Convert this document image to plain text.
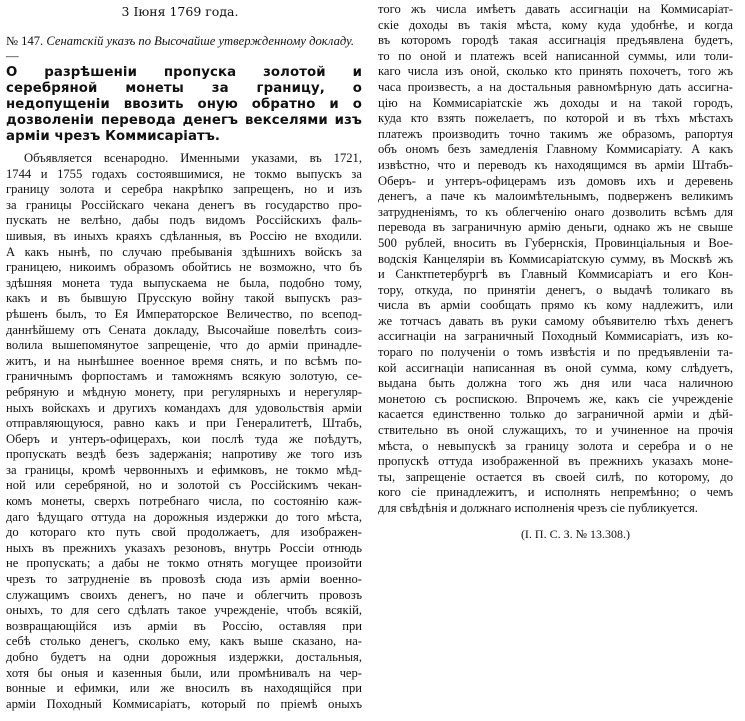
3 Iюня 1769 года.

№ 147. Сенатскій указъ по Высочайше утвержденному докладу.—

О разрѣшеніи пропуска золотой и серебряной монеты за границу, о недопущеніи ввозить оную обратно и о дозволеніи перевода денегъ векселями изъ арміи чрезъ Коммисаріатъ.
Объявляется всенародно. Именными указами, въ 1721,
1744 и 1755 годахъ состоявшимися, не токмо выпускъ за
границу золота и серебра накрѣпко запрещенъ, но и изъ
за границы Россійскаго чекана денегъ въ государство про-
пускать не велѣно, дабы подъ видомъ Россійскихъ фаль-
шивыя, въ иныхъ краяхъ сдѣланныя, въ Россію не входили.
А какъ нынѣ, по случаю пребыванія здѣшнихъ войскъ за
границею, никоимъ образомъ обойтись не возможно, что бъ
здѣшняя монета туда выпускаема не была, подобно тому,
какъ и въ бывшую Прусскую войну такой выпускъ раз-
рѣшенъ былъ, то Ея Императорское Величество, по всепод-
даннѣйшему отъ Сената докладу, Высочайше повелѣть соиз-
волила вышепомянутое запрещеніе, что до арміи принадле-
житъ, и на нынѣшнее военное время снять, и по всѣмъ по-
граничнымъ форпостамъ и таможнямъ всякую золотую, се-
ребряную и мѣдную монету, при регулярныхъ и нерегуляр-
ныхъ войскахъ и другихъ командахъ для удовольствія арміи
отправляющуюся, равно какъ и при Генералитетѣ, Штабъ,
Оберъ и унтеръ-офицерахъ, кои послѣ туда же поѣдутъ,
пропускать вездѣ безъ задержанія; напротиву же того изъ
за границы, кромѣ червонныхъ и ефимковъ, не токмо мѣд-
ной или серебряной, но и золотой съ Россійскимъ чекан-
комъ монеты, сверхъ потребнаго числа, по состоянію каж-
даго ѣдущаго оттуда на дорожныя издержки до того мѣста,
до котораго кто путь свой продолжаетъ, для изображен-
ныхъ въ прежнихъ указахъ резоновъ, внутрь Россіи отнюдь
не пропускать; а дабы не токмо отнять могущее произойти
чрезъ то затрудненіе въ провозѣ сюда изъ арміи военно-
служащимъ своихъ денегъ, но паче и облегчить провозъ
оныхъ, то для сего сдѣлать такое учрежденіе, чтобъ всякій,
возвращающійся изъ арміи въ Россію, оставляя при
себѣ столько денегъ, сколько ему, какъ выше сказано, на-
добно будетъ на одни дорожныя издержки, достальныя,
хотя бы оныя и казенныя были, или промѣнивалъ на чер-
вонные и ефимки, или же вносилъ въ находящійся при
арміи Походный Коммисаріатъ, который по пріемѣ оныхъ
того жъ числа имѣетъ давать ассигнаціи на Коммисаріат-
скіе доходы въ такія мѣста, кому куда удобнѣе, и когда
въ которомъ городѣ такая ассигнація предъявлена будетъ,
то по оной и платежъ всей написанной суммы, или толи-
каго числа изъ оной, сколько кто принять похочетъ, того жъ
часа произвесть, а на достальныя равномѣрную дать ассигна-
цію на Коммисаріатскіе жъ доходы и на такой городъ,
куда кто взять пожелаетъ, по которой и въ тѣхъ мѣстахъ
платежъ производить точно такимъ же образомъ, рапортуя
объ ономъ безъ замедленія Главному Коммисаріату. А какъ
извѣстно, что и переводъ къ находящимся въ арміи Штабъ-
Оберъ- и унтеръ-офицерамъ изъ домовъ ихъ и деревень
денегъ, а паче къ малоимѣтельнымъ, подверженъ великимъ
затрудненіямъ, то къ облегченію онаго дозволить всѣмъ для
перевода въ заграничную армію деньги, однако жъ не свыше
500 рублей, вносить въ Губернскія, Провинціальныя и Вое-
водскія Канцеляріи въ Коммисаріатскую сумму, въ Москвѣ жъ
и Санктпетербургѣ въ Главный Коммисаріатъ и его Кон-
тору, откуда, по принятіи денегъ, о выдачѣ толикаго въ
числа въ арміи сообщать прямо къ кому надлежитъ, или
же тотчасъ давать въ руки самому объявителю тѣхъ денегъ
ассигнаціи на заграничный Походный Коммисаріатъ, изъ ко-
тораго по полученіи о томъ извѣстія и по предъявленіи та-
кой ассигнаціи написанная въ оной сумма, кому слѣдуетъ,
выдана быть должна того жъ дня или часа наличною
монетою съ роспискою. Впрочемъ же, какъ сіе учрежденіе
касается единственно только до заграничной арміи и дѣй-
ствительно въ оной служащихъ, то и учиненное на прочія
мѣста, о невыпускѣ за границу золота и серебра и о не
пропускѣ оттуда изображенной въ прежнихъ указахъ моне-
ты, запрещеніе остается въ своей силѣ, по которому, до
кого сіе принадлежитъ, и исполнять непремѣнно; о чемъ
для свѣдѣнія и должнаго исполненія чрезъ сіе публикуется.
(I. П. С. З. № 13.308.)
